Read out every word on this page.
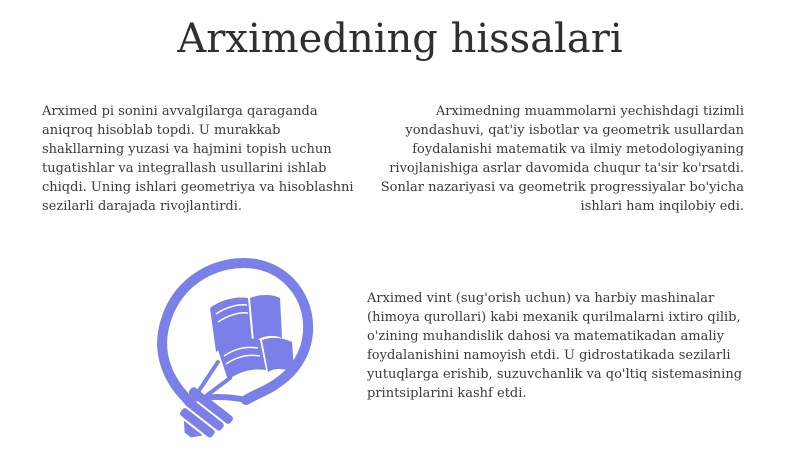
Arximedning hissalari

Arximed pi sonini avvalgilarga qaraganda aniqroq hisoblab topdi. U murakkab shakllarning yuzasi va hajmini topish uchun tugatishlar va integrallash usullarini ishlab chiqdi. Uning ishlari geometriya va hisoblashni sezilarli darajada rivojlantirdi.

Arximedning muammolarni yechishdagi tizimli yondashuvi, qat'iy isbotlar va geometrik usullardan foydalanishi matematik va ilmiy metodologiyaning rivojlanishiga asrlar davomida chuqur ta'sir ko'rsatdi. Sonlar nazariyasi va geometrik progressiyalar bo'yicha ishlari ham inqilobiy edi.

Arximed vint (sug'orish uchun) va harbiy mashinalar (himoya qurollari) kabi mexanik qurilmalarni ixtiro qilib, o'zining muhandislik dahosi va matematikadan amaliy foydalanishini namoyish etdi. U gidrostatikada sezilarli yutuqlarga erishib, suzuvchanlik va qo'ltiq sistemasining printsiplarini kashf etdi.
